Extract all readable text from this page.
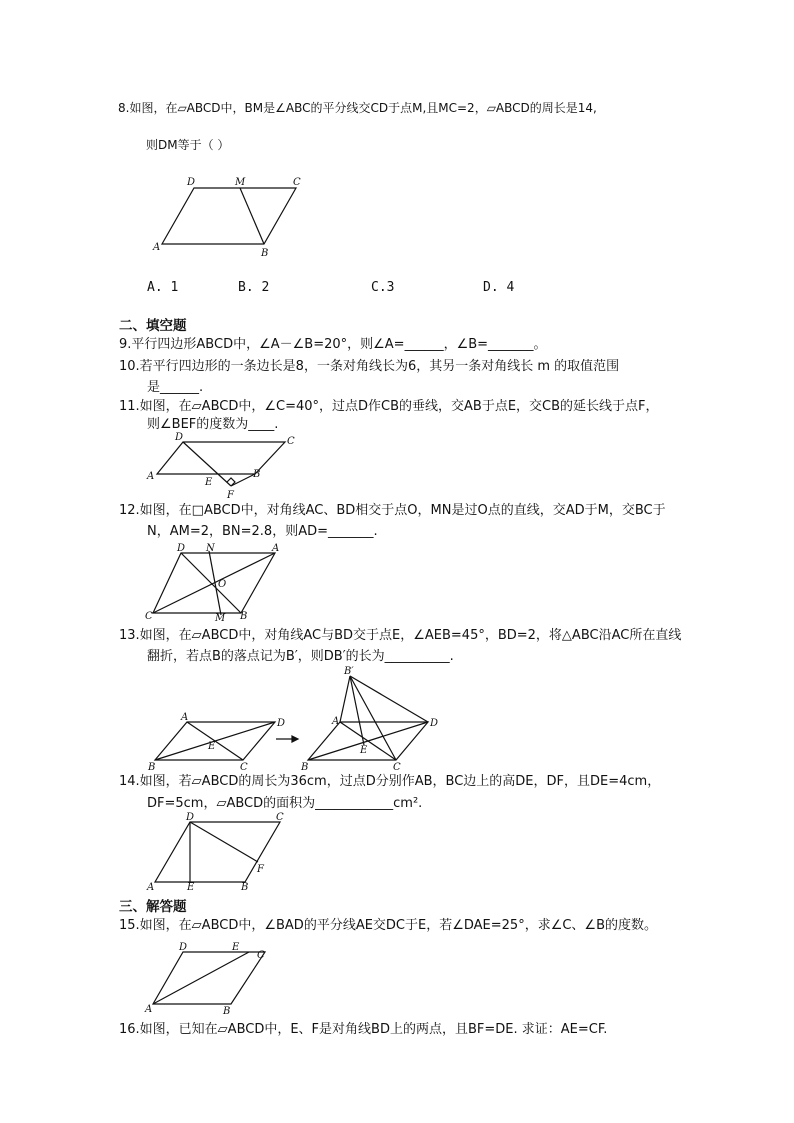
8.如图，在▱ABCD中，BM是∠ABC的平分线交CD于点M,且MC=2，▱ABCD的周长是14,
则DM等于（ ）
D	M	C
A
B
A. 1	B. 2	C.3	D. 4
二、填空题
9.平行四边形ABCD中，∠A－∠B=20°，则∠A=______，∠B=_______。
10.若平行四边形的一条边长是8，一条对角线长为6，其另一条对角线长 m 的取值范围
是______.
11.如图，在▱ABCD中，∠C=40°，过点D作CB的垂线，交AB于点E，交CB的延长线于点F，
则∠BEF的度数为____.
D	C
A
E
B
F
12.如图，在□ABCD中，对角线AC、BD相交于点O，MN是过O点的直线，交AD于M，交BC于
N，AM=2，BN=2.8，则AD=_______.
D N	A
O
C	M B
13.如图，在▱ABCD中，对角线AC与BD交于点E，∠AEB=45°，BD=2，将△ABC沿AC所在直线
翻折，若点B的落点记为B′，则DB′的长为__________.
A
D
E
B	C
B′
A	D
E
B	C
14.如图，若▱ABCD的周长为36cm，过点D分别作AB，BC边上的高DE，DF，且DE=4cm，
DF=5cm，▱ABCD的面积为____________cm².
D	C
F
A	E	B
三、解答题
15.如图，在▱ABCD中，∠BAD的平分线AE交DC于E，若∠DAE=25°，求∠C、∠B的度数。
D	E
C
A	B
16.如图，已知在▱ABCD中，E、F是对角线BD上的两点，且BF=DE. 求证：AE=CF.
